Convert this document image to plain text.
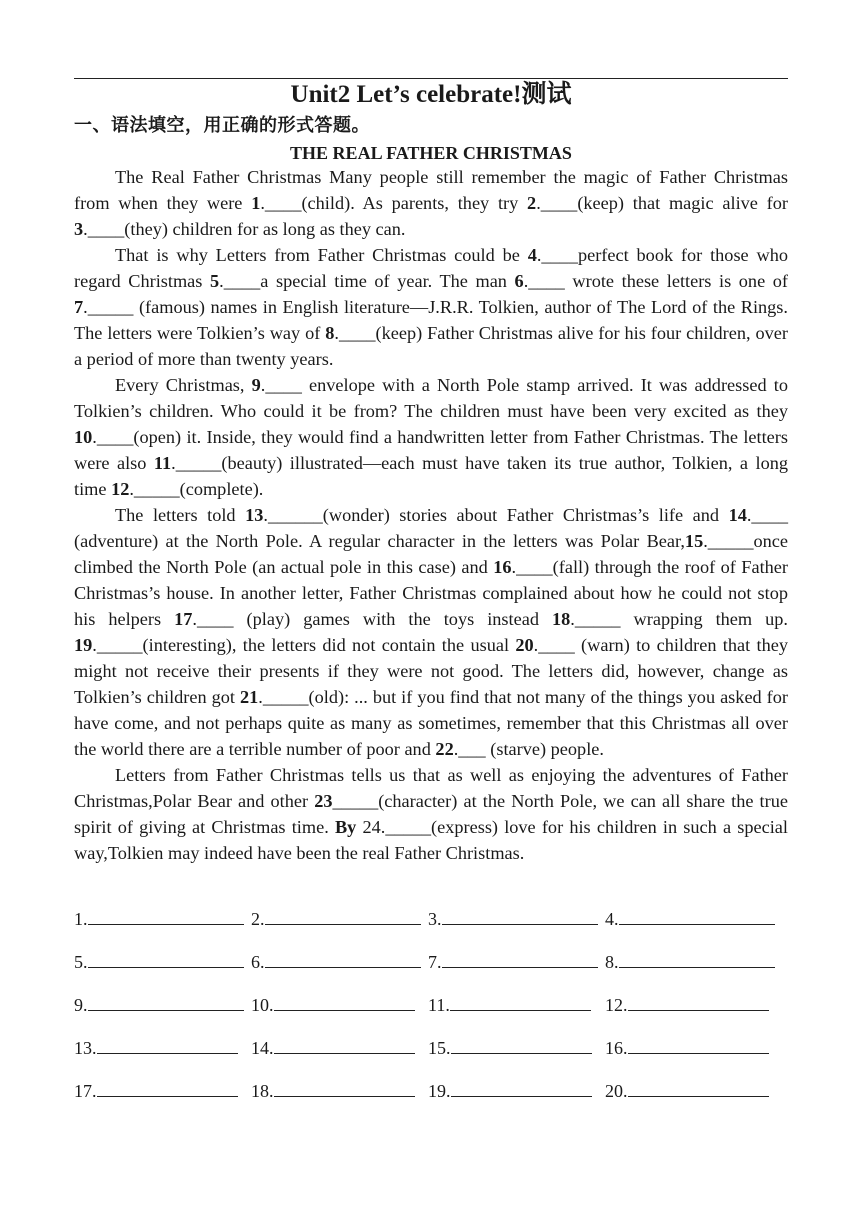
Unit2 Let’s celebrate!测试
一、语法填空，用正确的形式答题。
THE REAL FATHER CHRISTMAS

The Real Father Christmas Many people still remember the magic of Father Christmas from when they were 1.____(child). As parents, they try 2.____(keep) that magic alive for 3.____(they) children for as long as they can.

That is why Letters from Father Christmas could be 4.____perfect book for those who regard Christmas 5.____a special time of year. The man 6.____ wrote these letters is one of 7._____ (famous) names in English literature—J.R.R. Tolkien, author of The Lord of the Rings. The letters were Tolkien’s way of 8.____(keep) Father Christmas alive for his four children, over a period of more than twenty years.

Every Christmas, 9.____ envelope with a North Pole stamp arrived. It was addressed to Tolkien’s children. Who could it be from? The children must have been very excited as they 10.____(open) it. Inside, they would find a handwritten letter from Father Christmas. The letters were also 11._____(beauty) illustrated—each must have taken its true author, Tolkien, a long time 12._____(complete).

The letters told 13.______(wonder) stories about Father Christmas’s life and 14.____ (adventure) at the North Pole. A regular character in the letters was Polar Bear,15._____once climbed the North Pole (an actual pole in this case) and 16.____(fall) through the roof of Father Christmas’s house. In another letter, Father Christmas complained about how he could not stop his helpers 17.____ (play) games with the toys instead 18._____ wrapping them up. 19._____(interesting), the letters did not contain the usual 20.____ (warn) to children that they might not receive their presents if they were not good. The letters did, however, change as Tolkien’s children got 21._____(old): ... but if you find that not many of the things you asked for have come, and not perhaps quite as many as sometimes, remember that this Christmas all over the world there are a terrible number of poor and 22.___ (starve) people.

Letters from Father Christmas tells us that as well as enjoying the adventures of Father Christmas,Polar Bear and other 23_____(character) at the North Pole, we can all share the true spirit of giving at Christmas time. By 24._____(express) love for his children in such a special way,Tolkien may indeed have been the real Father Christmas.

1.	2.	3.	4.
5.	6.	7.	8.
9.	10.	11.	12.
13.	14.	15.	16.
17.	18.	19.	20.
